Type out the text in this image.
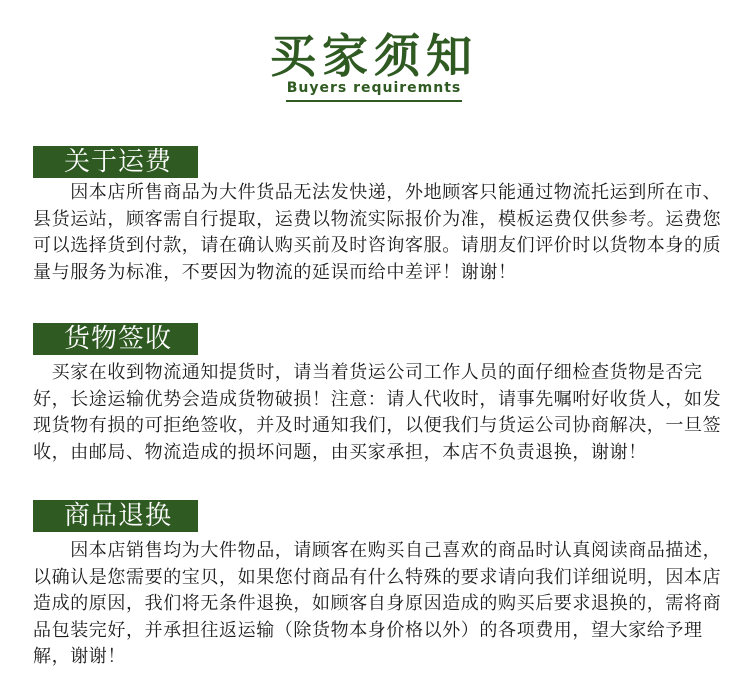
买家须知
Buyers requiremnts
关于运费

　　因本店所售商品为大件货品无法发快递，外地顾客只能通过物流托运到所在市、县货运站，顾客需自行提取，运费以物流实际报价为准，模板运费仅供参考。运费您可以选择货到付款，请在确认购买前及时咨询客服。请朋友们评价时以货物本身的质量与服务为标准，不要因为物流的延误而给中差评！谢谢！

货物签收

　买家在收到物流通知提货时，请当着货运公司工作人员的面仔细检查货物是否完好，长途运输优势会造成货物破损！注意：请人代收时，请事先嘱咐好收货人，如发现货物有损的可拒绝签收，并及时通知我们，以便我们与货运公司协商解决，一旦签收，由邮局、物流造成的损坏问题，由买家承担，本店不负责退换，谢谢！

商品退换

　　因本店销售均为大件物品，请顾客在购买自己喜欢的商品时认真阅读商品描述，以确认是您需要的宝贝，如果您付商品有什么特殊的要求请向我们详细说明，因本店造成的原因，我们将无条件退换，如顾客自身原因造成的购买后要求退换的，需将商品包装完好，并承担往返运输（除货物本身价格以外）的各项费用，望大家给予理解，谢谢！
